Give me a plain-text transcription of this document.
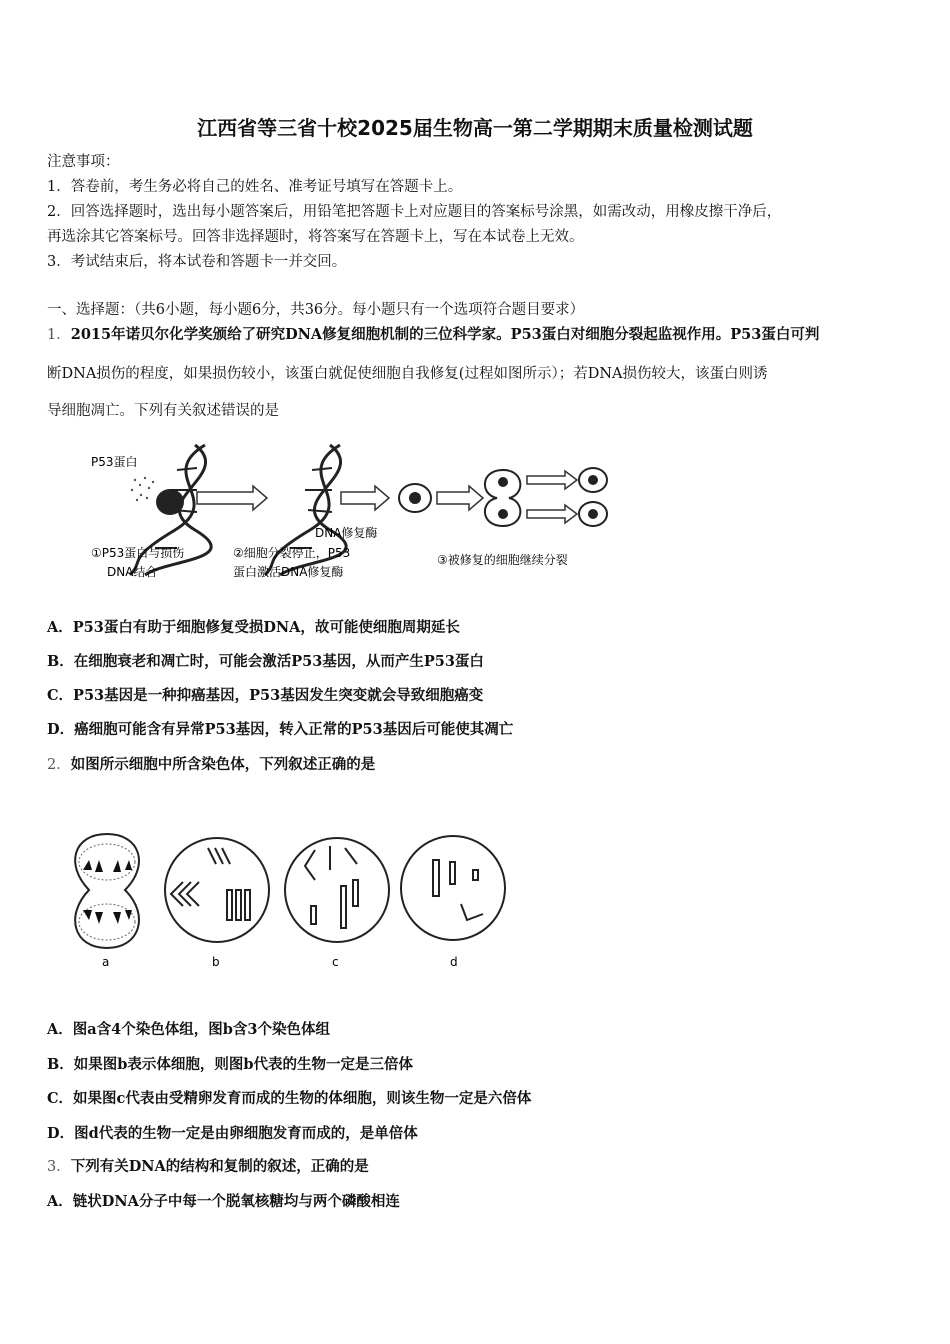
江西省等三省十校2025届生物高一第二学期期末质量检测试题
注意事项：
1．答卷前，考生务必将自己的姓名、准考证号填写在答题卡上。
2．回答选择题时，选出每小题答案后，用铅笔把答题卡上对应题目的答案标号涂黑，如需改动，用橡皮擦干净后，
再选涂其它答案标号。回答非选择题时，将答案写在答题卡上，写在本试卷上无效。
3．考试结束后，将本试卷和答题卡一并交回。
一、选择题：（共6小题，每小题6分，共36分。每小题只有一个选项符合题目要求）
1．2015年诺贝尔化学奖颁给了研究DNA修复细胞机制的三位科学家。P53蛋白对细胞分裂起监视作用。P53蛋白可判
断DNA损伤的程度，如果损伤较小，该蛋白就促使细胞自我修复(过程如图所示）；若DNA损伤较大，该蛋白则诱
导细胞凋亡。下列有关叙述错误的是
P53蛋白
DNA修复酶
①P53蛋白与损伤
DNA结合
②细胞分裂停止，P53
蛋白激活DNA修复酶
③被修复的细胞继续分裂
A．P53蛋白有助于细胞修复受损DNA，故可能使细胞周期延长
B．在细胞衰老和凋亡时，可能会激活P53基因，从而产生P53蛋白
C．P53基因是一种抑癌基因，P53基因发生突变就会导致细胞癌变
D．癌细胞可能含有异常P53基因，转入正常的P53基因后可能使其凋亡
2．如图所示细胞中所含染色体，下列叙述正确的是
a	b	c	d
A．图a含4个染色体组，图b含3个染色体组
B．如果图b表示体细胞，则图b代表的生物一定是三倍体
C．如果图c代表由受精卵发育而成的生物的体细胞，则该生物一定是六倍体
D．图d代表的生物一定是由卵细胞发育而成的，是单倍体
3．下列有关DNA的结构和复制的叙述，正确的是
A．链状DNA分子中每一个脱氧核糖均与两个磷酸相连
